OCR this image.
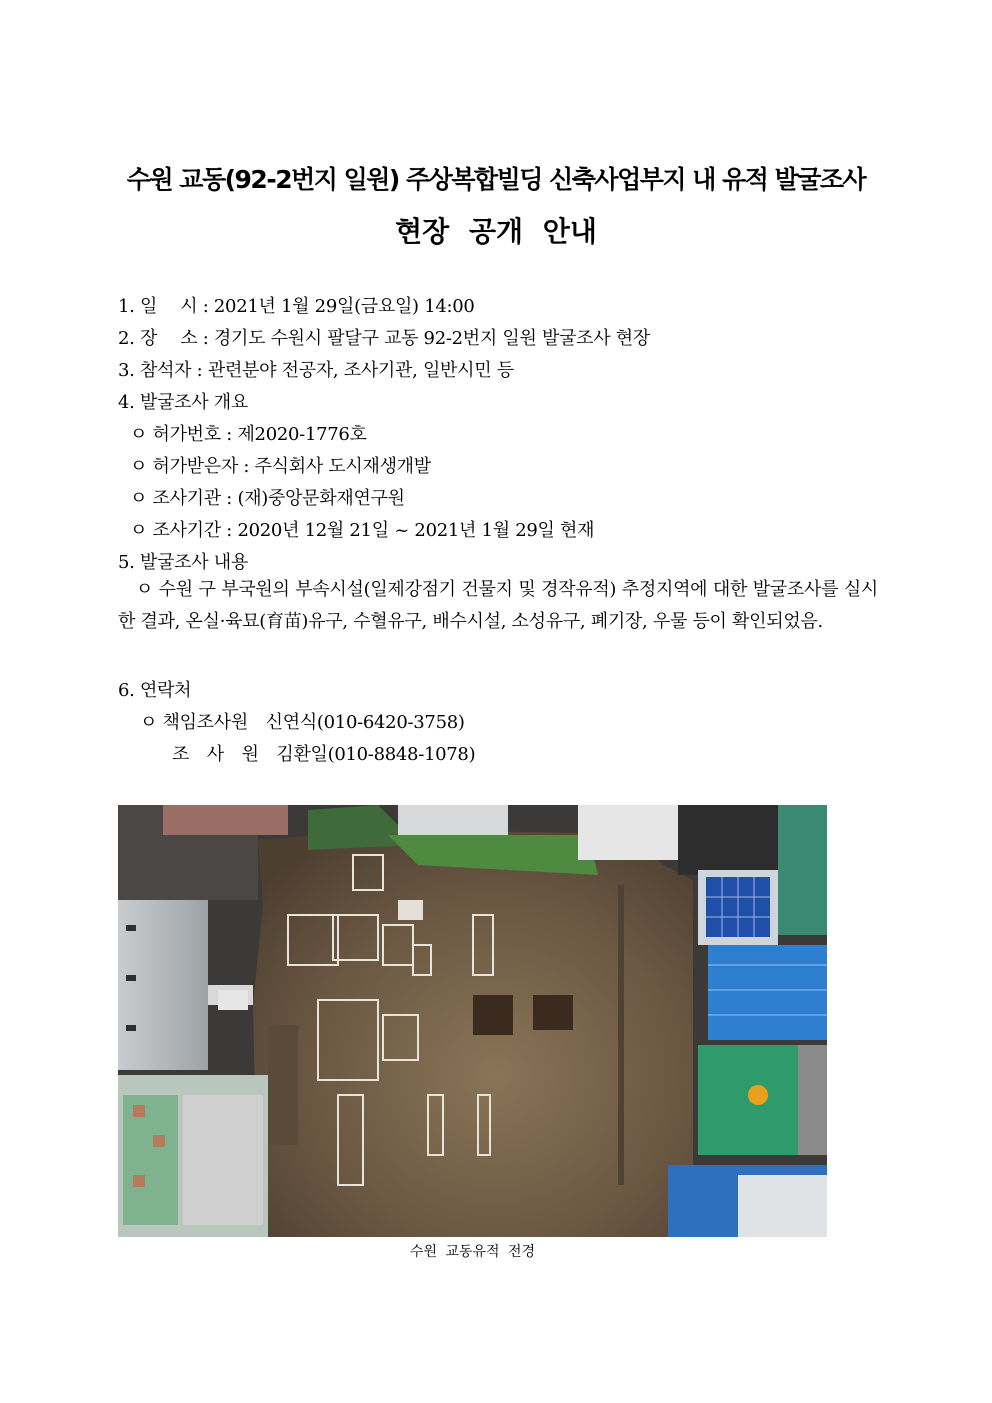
수원 교동(92-2번지 일원) 주상복합빌딩 신축사업부지 내 유적 발굴조사
현장 공개 안내
1. 일　 시 : 2021년 1월 29일(금요일) 14:00
2. 장　 소 : 경기도 수원시 팔달구 교동 92-2번지 일원 발굴조사 현장
3. 참석자 : 관련분야 전공자, 조사기관, 일반시민 등
4. 발굴조사 개요
ㅇ 허가번호 : 제2020-1776호
ㅇ 허가받은자 : 주식회사 도시재생개발
ㅇ 조사기관 : (재)중앙문화재연구원
ㅇ 조사기간 : 2020년 12월 21일 ~ 2021년 1월 29일 현재
5. 발굴조사 내용
　ㅇ 수원 구 부국원의 부속시설(일제강점기 건물지 및 경작유적) 추정지역에 대한 발굴조사를 실시한 결과, 온실·육묘(育苗)유구, 수혈유구, 배수시설, 소성유구, 폐기장, 우물 등이 확인되었음.
6. 연락처
ㅇ 책임조사원　신연식(010-6420-3758)
조　사　원　김환일(010-8848-1078)
수원 교동유적 전경
